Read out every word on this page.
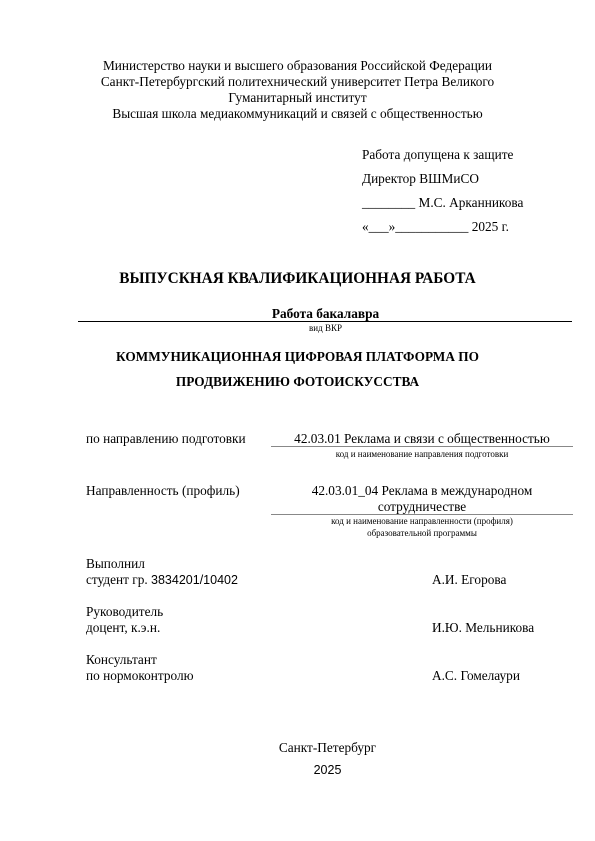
Министерство науки и высшего образования Российской Федерации
Санкт-Петербургский политехнический университет Петра Великого
Гуманитарный институт
Высшая школа медиакоммуникаций и связей с общественностью
Работа допущена к защите
Директор ВШМиСО
________ М.С. Арканникова
«___»___________ 2025 г.
ВЫПУСКНАЯ КВАЛИФИКАЦИОННАЯ РАБОТА
Работа бакалавра
вид ВКР
КОММУНИКАЦИОННАЯ ЦИФРОВАЯ ПЛАТФОРМА ПО
ПРОДВИЖЕНИЮ ФОТОИСКУССТВА
по направлению подготовки	42.03.01 Реклама и связи с общественностью
код и наименование направления подготовки
Направленность (профиль)	42.03.01_04 Реклама в международном
сотрудничестве
код и наименование направленности (профиля)
образовательной программы
Выполнил
студент гр. 3834201/10402	А.И. Егорова
Руководитель
доцент, к.э.н.	И.Ю. Мельникова
Консультант
по нормоконтролю	А.С. Гомелаури
Санкт-Петербург
2025
